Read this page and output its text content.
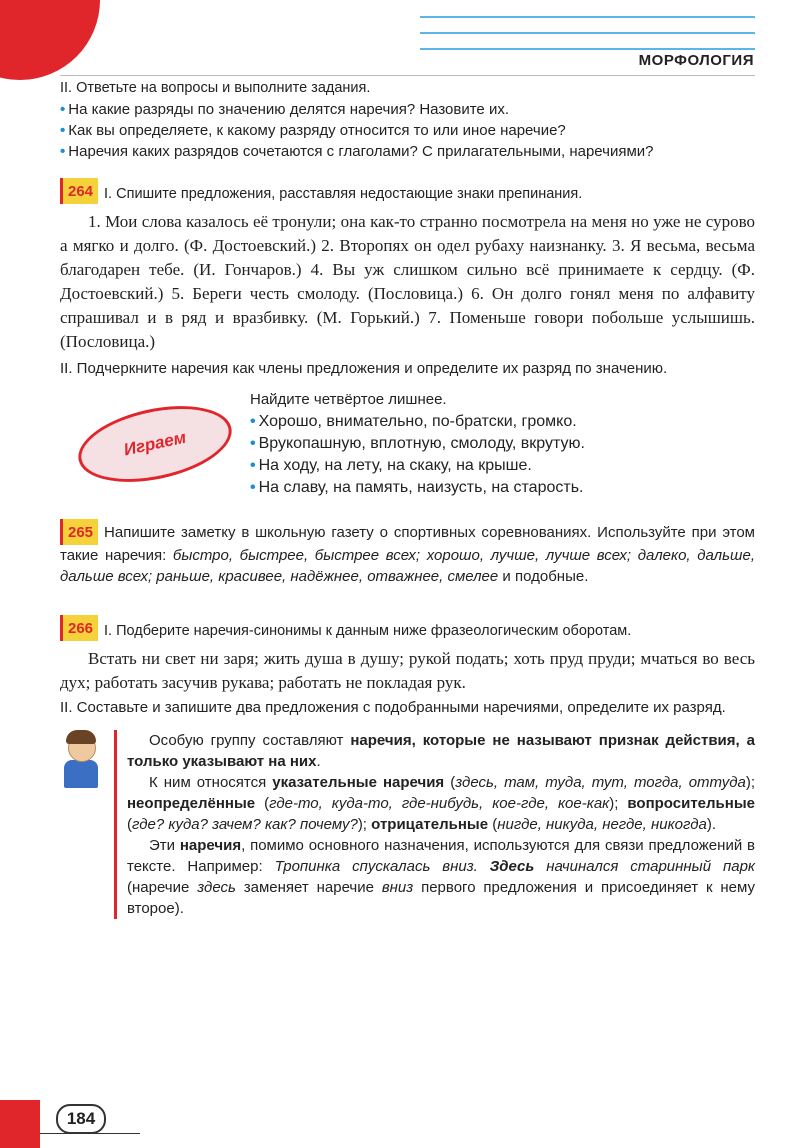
МОРФОЛОГИЯ

II. Ответьте на вопросы и выполните задания.

• На какие разряды по значению делятся наречия? Назовите их.

• Как вы определяете, к какому разряду относится то или иное наречие?

• Наречия каких разрядов сочетаются с глаголами? С прилагательными, наречиями?

264 I. Спишите предложения, расставляя недостающие знаки препинания.

1. Мои слова казалось её тронули; она как-то странно посмотрела на меня но уже не сурово а мягко и долго. (Ф. Достоевский.) 2. Второпях он одел рубаху наизнанку. 3. Я весьма, весьма благодарен тебе. (И. Гончаров.) 4. Вы уж слишком сильно всё принимаете к сердцу. (Ф. Достоевский.) 5. Береги честь смолоду. (Пословица.) 6. Он долго гонял меня по алфавиту спрашивал и в ряд и вразбивку. (М. Горький.) 7. Поменьше говори побольше услышишь. (Пословица.)

II. Подчеркните наречия как члены предложения и определите их разряд по значению.

Играем

Найдите четвёртое лишнее.

• Хорошо, внимательно, по-братски, громко.

• Врукопашную, вплотную, смолоду, вкрутую.

• На ходу, на лету, на скаку, на крыше.

• На славу, на память, наизусть, на старость.

265 Напишите заметку в школьную газету о спортивных соревнованиях. Используйте при этом такие наречия: быстро, быстрее, быстрее всех; хорошо, лучше, лучше всех; далеко, дальше, дальше всех; раньше, красивее, надёжнее, отважнее, смелее и подобные.

266 I. Подберите наречия-синонимы к данным ниже фразеологическим оборотам.

Встать ни свет ни заря; жить душа в душу; рукой подать; хоть пруд пруди; мчаться во весь дух; работать засучив рукава; работать не покладая рук.

II. Составьте и запишите два предложения с подобранными наречиями, определите их разряд.

Особую группу составляют наречия, которые не называют признак действия, а только указывают на них.

К ним относятся указательные наречия (здесь, там, туда, тут, тогда, оттуда); неопределённые (где-то, куда-то, где-нибудь, кое-где, кое-как); вопросительные (где? куда? зачем? как? почему?); отрицательные (нигде, никуда, негде, никогда).

Эти наречия, помимо основного назначения, используются для связи предложений в тексте. Например: Тропинка спускалась вниз. Здесь начинался старинный парк (наречие здесь заменяет наречие вниз первого предложения и присоединяет к нему второе).

184
